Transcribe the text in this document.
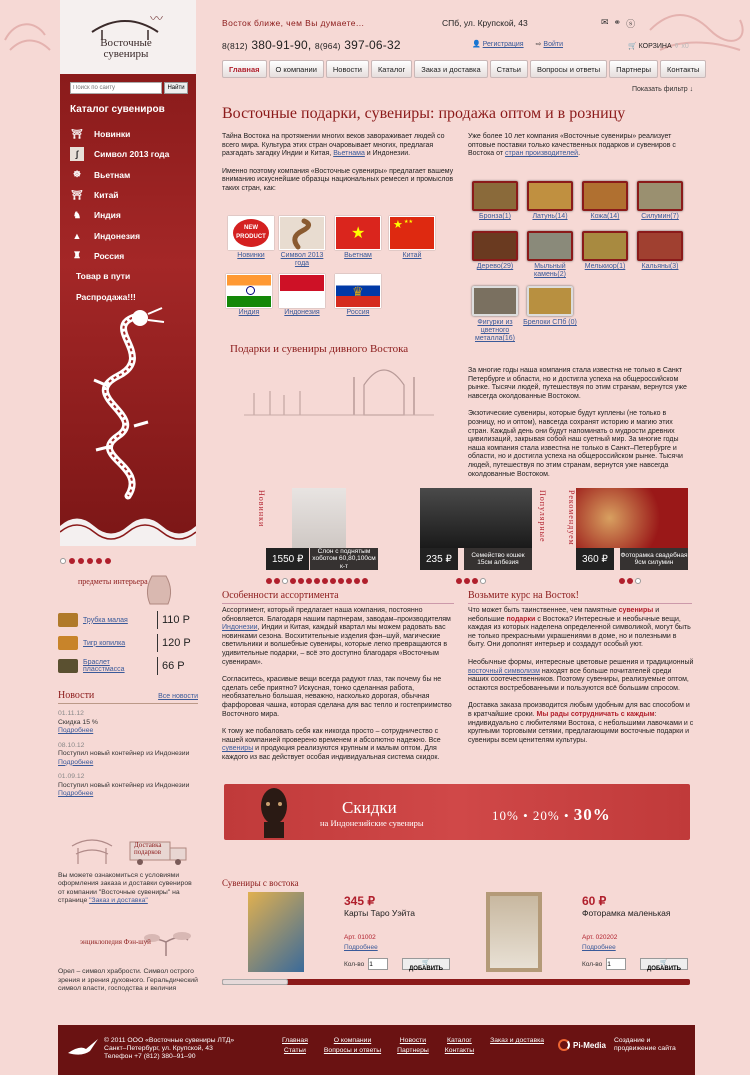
〰
Восточные сувениры
Поиск по сайту
Найти
Каталог сувениров
⛩ Новинки
∫	Символ 2013 года
☸	Вьетнам
⛩ Китай
♞	Индия
▲ Индонезия
♜	Россия
Товар в пути
Распродажа!!!
предметы интерьера
Трубка малая	110 Р
Тигр копилка	120 Р
Браслет пласстмасса	66 Р
Новости	Все новости
01.11.12
Скидка 15 %
Подробнее
08.10.12
Поступил новый контейнер из Индонезии
Подробнее
01.09.12
Поступил новый контейнер из Индонезии
Подробнее
Доставка подарков
Вы можете ознакомиться с условиями оформления заказа и доставки сувениров от компании "Восточные сувениры" на странице "Заказ и доставка"
энциклопедия Фэн-шуй
Орел – символ храбрости. Символ острого зрения и зрения духовного. Геральдический символ власти, господства и величия
Восток ближе, чем Вы думаете...	СПб, ул. Крупской, 43	✉ ⚭ ⓢ
8(812) 380-91-90, 8(964) 397-06-32	👤 Регистрация ⇨ Войти	🛒 КОРЗИНА ⚱ x0
Главная	О компании	Новости	Каталог	Заказ и доставка	Статьи	Вопросы и ответы	Партнеры	Контакты
Показать фильтр ↓
Восточные подарки, сувениры: продажа оптом и в розницу

Тайна Востока на протяжении многих веков завораживает людей со всего мира. Культура этих стран очаровывает многих, предлагая разгадать загадку Индии и Китая, Вьетнама и Индонезии.

Именно поэтому компания «Восточные сувениры» предлагает вашему вниманию искуснейшие образцы национальных ремесел и промыслов таких стран, как:

Уже более 10 лет компания «Восточные сувениры» реализует оптовые поставки только качественных подарков и сувениров с Востока от стран производителей.

NEW PRODUCT
Новинки	Символ 2013 года
★
Вьетнам
★ ★★
Китай
Индия	Индонезия
♛
Россия
Бронза(1)	Латунь(14)	Кожа(14)	Силумин(7)
Дерево(29)	Мыльный камень(2)
Мелькиор(1)	Кальяны(3)
Фигурки из цветного металла(16)
Брелоки СПб (0)
Подарки и сувениры дивного Востока

За многие годы наша компания стала известна не только в Санкт Петербурге и области, но и достигла успеха на общероссийском рынке. Тысячи людей, путешествуя по этим странам, вернутся уже навсегда околдованные Востоком.

Экзотические сувениры, которые будут куплены (не только в розницу, но и оптом), навсегда сохранят историю и магию этих стран. Каждый день они будут напоминать о мудрости древних цивилизаций, закрывая собой наш суетный мир. За многие годы наша компания стала известна не только в Санкт–Петербурге и области, но и достигла успеха на общероссийском рынке. Тысячи людей, путешествуя по этим странам, вернутся уже навсегда околдованные Востоком.

Новинки
1550 ₽
Слон с поднятым хоботом 60,80,100см к-т
Популярные
235 ₽	Семейство кошек 15см албезия
Рекомендуем
360 ₽	Фоторамка свадебная 9см силумин
Особенности ассортимента

Ассортимент, который предлагает наша компания, постоянно обновляется. Благодаря нашим партнерам, заводам–производителям Индонезии, Индии и Китая, каждый квартал мы можем радовать вас новинками сезона. Восхитительные изделия фэн–шуй, магические светильники и волшебные сувениры, которые легко превращаются в удивительные подарки, – всё это доступно благодаря «Восточным сувенирам».

Согласитесь, красивые вещи всегда радуют глаз, так почему бы не сделать себе приятно? Искусная, тонко сделанная работа, необязательно большая, неважно, насколько дорогая, обычная фарфоровая чашка, которая сделана для вас тепло и гостеприимство Восточного мира.

К тому же побаловать себя как никогда просто – сотрудничество с нашей компанией проверено временем и абсолютно надежно. Все сувениры и продукция реализуются крупным и малым оптом. Для каждого из вас действует особая индивидуальная система скидок.

Возьмите курс на Восток!

Что может быть таинственнее, чем памятные сувениры и небольшие подарки с Востока? Интересные и необычные вещи, каждая из которых наделена определенной символикой, могут быть не только прекрасными украшениями в доме, но и полезными в быту. Они дополнят интерьер и создадут особый уют.

Необычные формы, интересные цветовые решения и традиционный восточный символизм находят все больше почитателей среди наших соотечественников. Поэтому сувениры, реализуемые оптом, остаются востребованными и пользуются всё большим спросом.

Доставка заказа производится любым удобным для вас способом и в кратчайшие сроки. Мы рады сотрудничать с каждым: индивидуально с любителями Востока, с небольшими лавочками и с крупными торговыми сетями, предлагающими восточные подарки и сувениры всем ценителям культуры.

Скидки
на Индонезийские сувениры	10% • 20% • 30%
Сувениры с востока
345 ₽
Карты Таро Уэйта
Арт. 01002
Подробнее
Кол-во
1	🛒ДОБАВИТЬ
60 ₽
Фоторамка маленькая
Арт. 020202
Подробнее
Кол-во
1	🛒ДОБАВИТЬ
© 2011 ООО «Восточные сувениры ЛТД»
Санкт–Петербург, ул. Крупской, 43
Телефон +7 (812) 380–91–90
Главная	О компании	Новости	Каталог	Заказ и доставка
Статьи	Вопросы и ответы Партнеры Контакты
Pi-Media Создание и
продвижение сайта
